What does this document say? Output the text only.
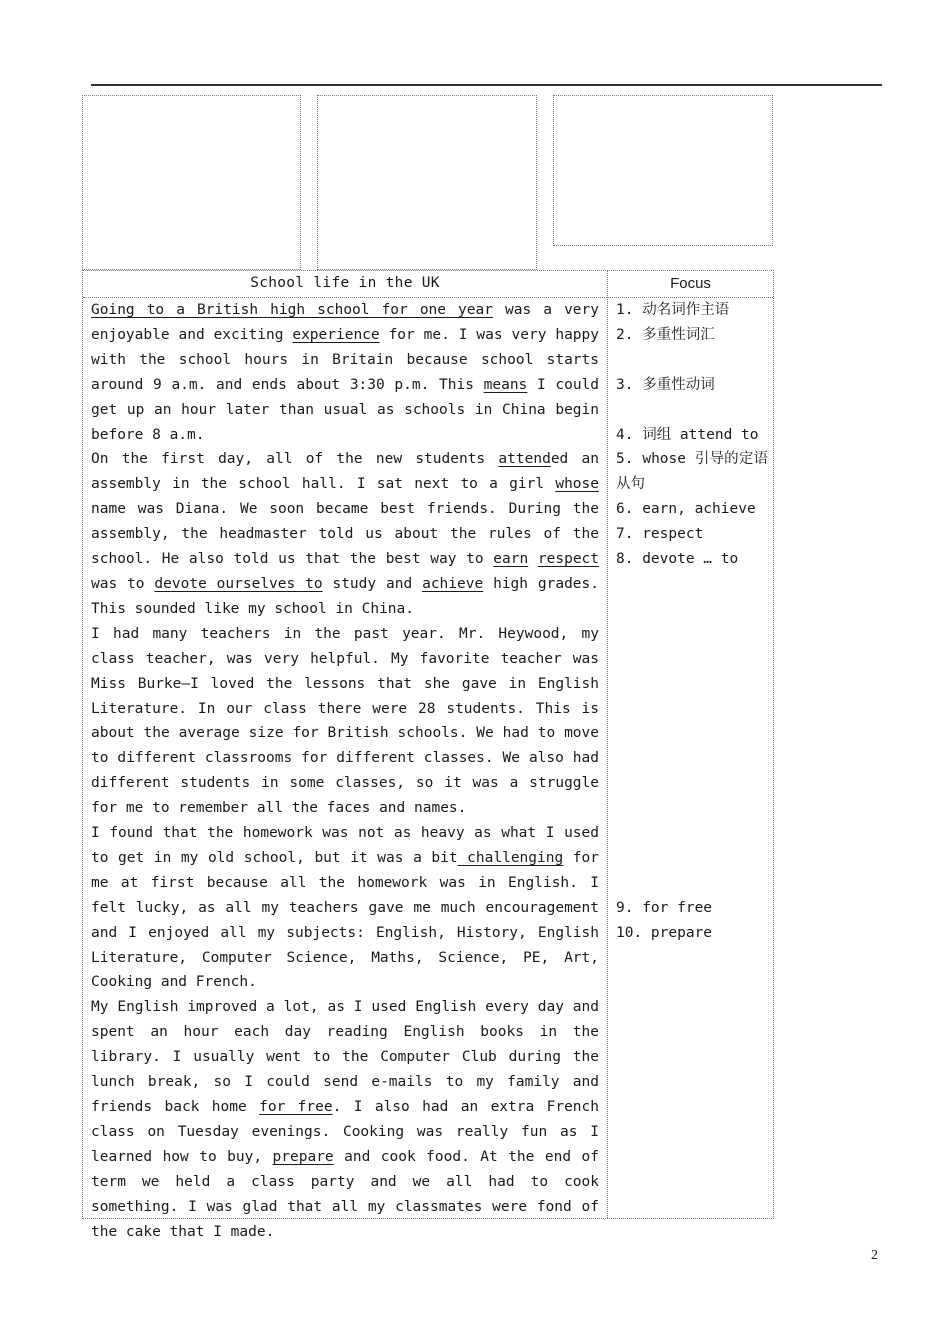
School life in the UK	Focus

Going to a British high school for one year was a very enjoyable and exciting experience for me. I was very happy with the school hours in Britain because school starts around 9 a.m. and ends about 3:30 p.m. This means I could get up an hour later than usual as schools in China begin before 8 a.m.

On the first day, all of the new students attended an assembly in the school hall. I sat next to a girl whose name was Diana. We soon became best friends. During the assembly, the headmaster told us about the rules of the school. He also told us that the best way to earn respect was to devote ourselves to study and achieve high grades. This sounded like my school in China.

I had many teachers in the past year. Mr. Heywood, my class teacher, was very helpful. My favorite teacher was Miss Burke—I loved the lessons that she gave in English Literature. In our class there were 28 students. This is about the average size for British schools. We had to move to different classrooms for different classes. We also had different students in some classes, so it was a struggle for me to remember all the faces and names.

I found that the homework was not as heavy as what I used to get in my old school, but it was a bit challenging for me at first because all the homework was in English. I felt lucky, as all my teachers gave me much encouragement and I enjoyed all my subjects: English, History, English Literature, Computer Science, Maths, Science, PE, Art, Cooking and French.

My English improved a lot, as I used English every day and spent an hour each day reading English books in the library. I usually went to the Computer Club during the lunch break, so I could send e-mails to my family and friends back home for free. I also had an extra French class on Tuesday evenings. Cooking was really fun as I learned how to buy, prepare and cook food. At the end of term we held a class party and we all had to cook something. I was glad that all my classmates were fond of the cake that I made.

1. 动名词作主语
2. 多重性词汇
3. 多重性动词
4. 词组 attend to
5. whose 引导的定语从句
6. earn, achieve
7. respect
8. devote … to
9. for free
10. prepare
2
